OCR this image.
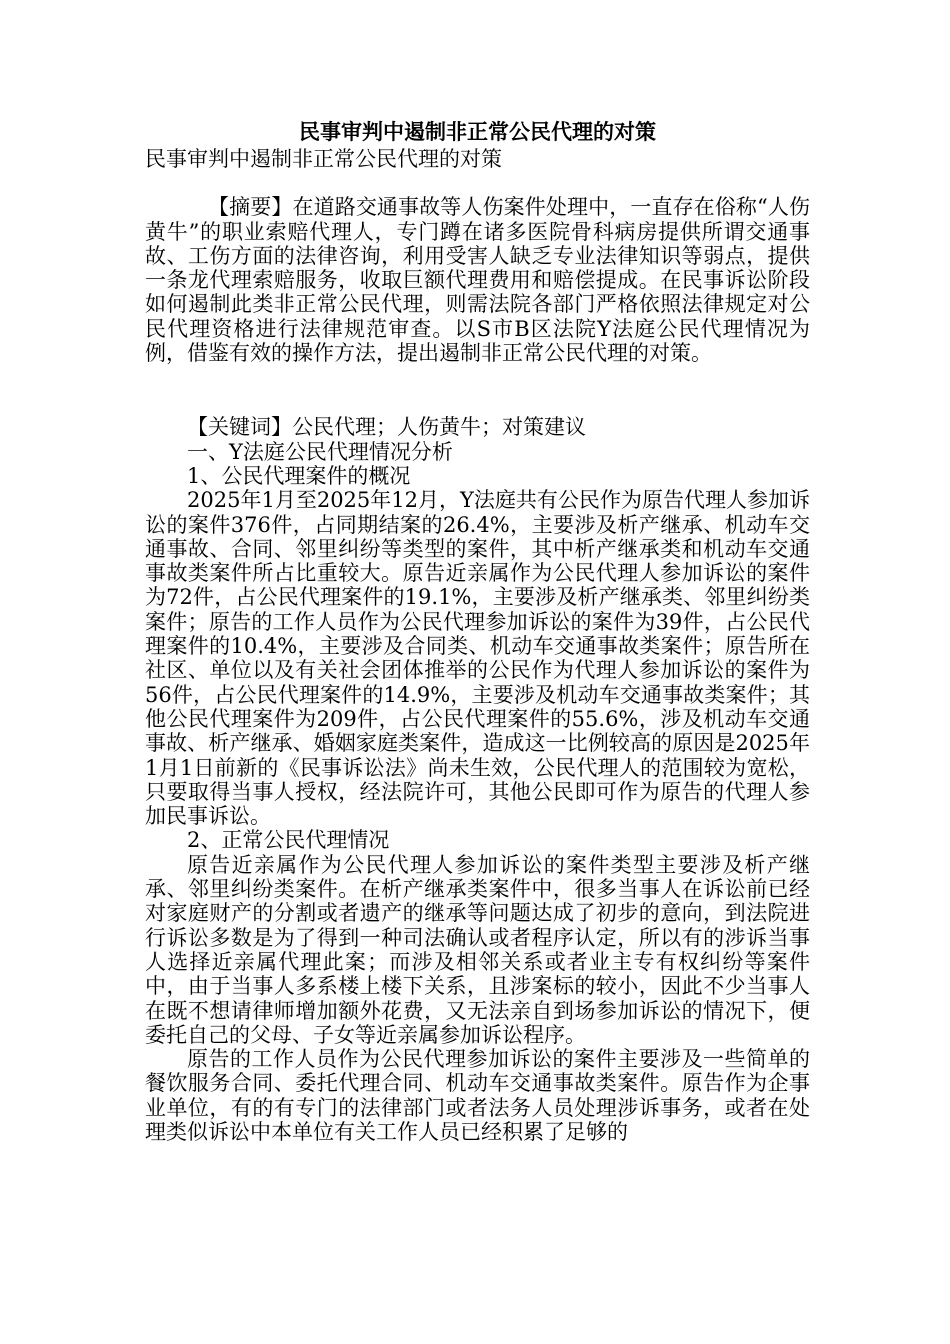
民事审判中遏制非正常公民代理的对策

民事审判中遏制非正常公民代理的对策

【摘要】在道路交通事故等人伤案件处理中，一直存在俗称“人伤黄牛”的职业索赔代理人，专门蹲在诸多医院骨科病房提供所谓交通事故、工伤方面的法律咨询，利用受害人缺乏专业法律知识等弱点，提供一条龙代理索赔服务，收取巨额代理费用和赔偿提成。在民事诉讼阶段如何遏制此类非正常公民代理，则需法院各部门严格依照法律规定对公民代理资格进行法律规范审查。以S市B区法院Y法庭公民代理情况为例，借鉴有效的操作方法，提出遏制非正常公民代理的对策。

【关键词】公民代理；人伤黄牛；对策建议

一、Y法庭公民代理情况分析

1、公民代理案件的概况

2025年1月至2025年12月，Y法庭共有公民作为原告代理人参加诉讼的案件376件，占同期结案的26.4%，主要涉及析产继承、机动车交通事故、合同、邻里纠纷等类型的案件，其中析产继承类和机动车交通事故类案件所占比重较大。原告近亲属作为公民代理人参加诉讼的案件为72件，占公民代理案件的19.1%，主要涉及析产继承类、邻里纠纷类案件；原告的工作人员作为公民代理参加诉讼的案件为39件，占公民代理案件的10.4%，主要涉及合同类、机动车交通事故类案件；原告所在社区、单位以及有关社会团体推举的公民作为代理人参加诉讼的案件为56件，占公民代理案件的14.9%，主要涉及机动车交通事故类案件；其他公民代理案件为209件，占公民代理案件的55.6%，涉及机动车交通事故、析产继承、婚姻家庭类案件，造成这一比例较高的原因是2025年1月1日前新的《民事诉讼法》尚未生效，公民代理人的范围较为宽松，只要取得当事人授权，经法院许可，其他公民即可作为原告的代理人参加民事诉讼。

2、正常公民代理情况

原告近亲属作为公民代理人参加诉讼的案件类型主要涉及析产继承、邻里纠纷类案件。在析产继承类案件中，很多当事人在诉讼前已经对家庭财产的分割或者遗产的继承等问题达成了初步的意向，到法院进行诉讼多数是为了得到一种司法确认或者程序认定，所以有的涉诉当事人选择近亲属代理此案；而涉及相邻关系或者业主专有权纠纷等案件中，由于当事人多系楼上楼下关系，且涉案标的较小，因此不少当事人在既不想请律师增加额外花费，又无法亲自到场参加诉讼的情况下，便委托自己的父母、子女等近亲属参加诉讼程序。

原告的工作人员作为公民代理参加诉讼的案件主要涉及一些简单的餐饮服务合同、委托代理合同、机动车交通事故类案件。原告作为企事业单位，有的有专门的法律部门或者法务人员处理涉诉事务，或者在处理类似诉讼中本单位有关工作人员已经积累了足够的
